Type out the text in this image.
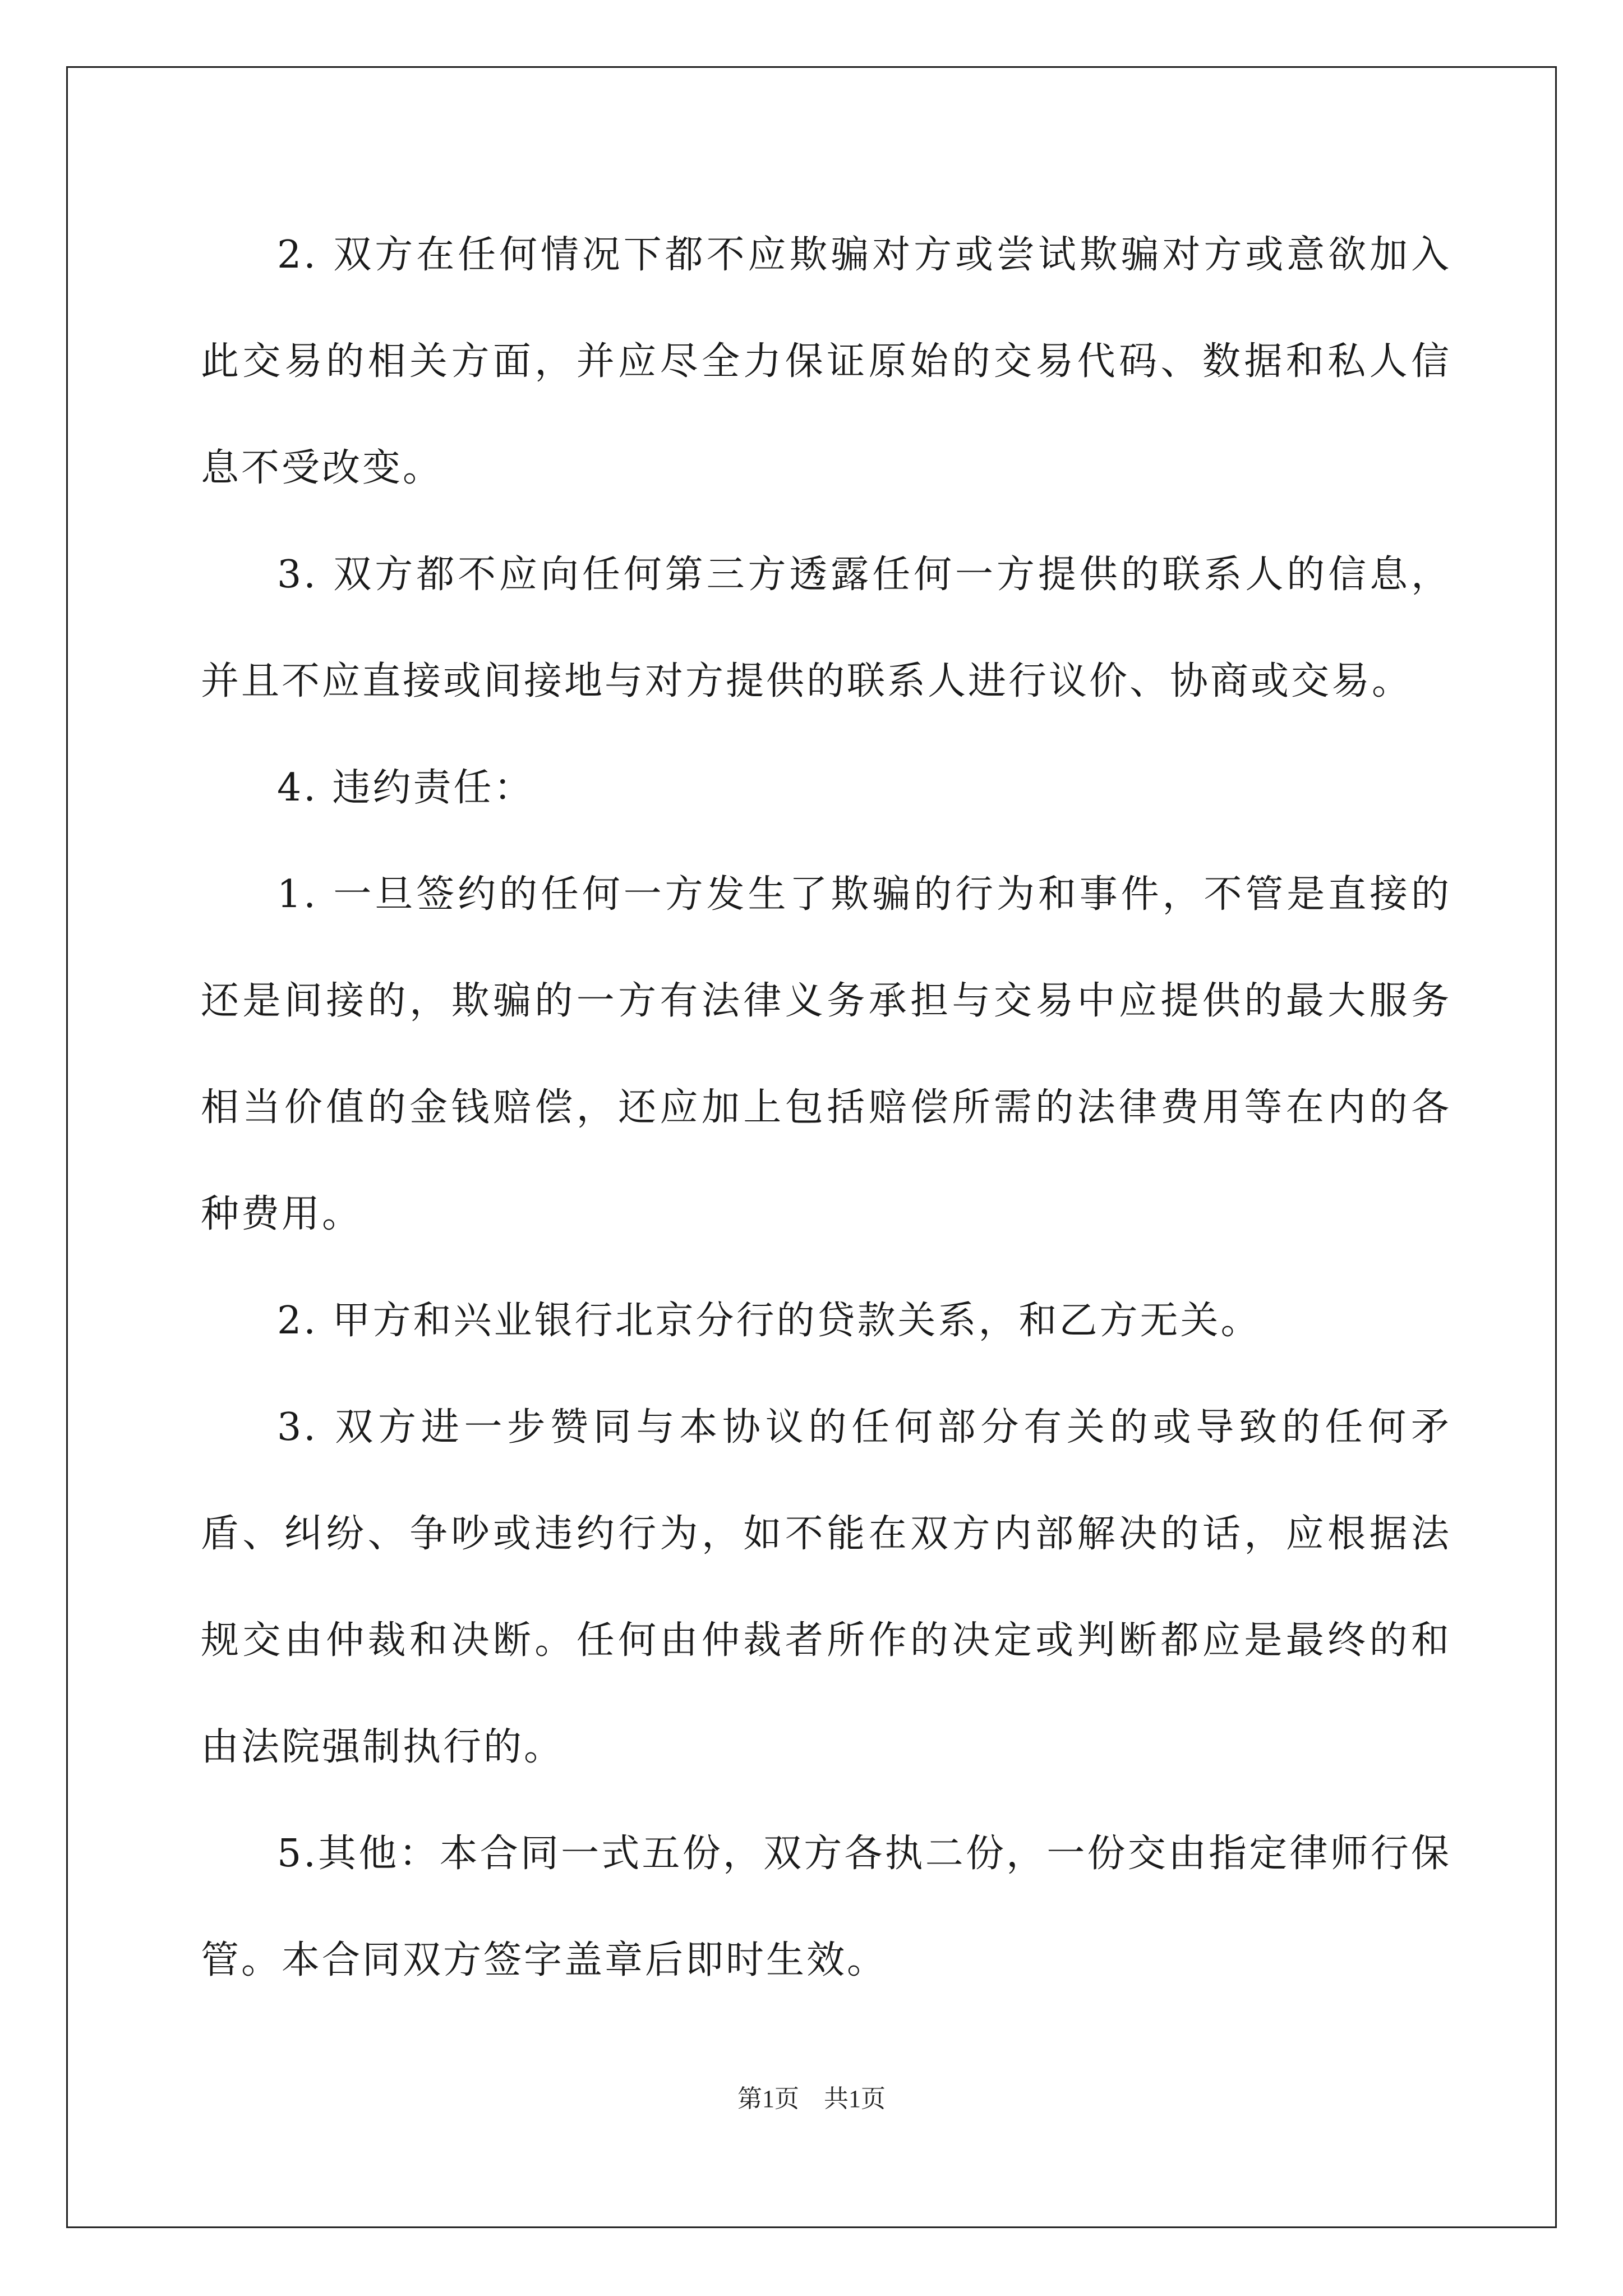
2. 双方在任何情况下都不应欺骗对方或尝试欺骗对方或意欲加入此交易的相关方面，并应尽全力保证原始的交易代码、数据和私人信息不受改变。

3. 双方都不应向任何第三方透露任何一方提供的联系人的信息，并且不应直接或间接地与对方提供的联系人进行议价、协商或交易。

4. 违约责任：

1. 一旦签约的任何一方发生了欺骗的行为和事件，不管是直接的还是间接的，欺骗的一方有法律义务承担与交易中应提供的最大服务相当价值的金钱赔偿，还应加上包括赔偿所需的法律费用等在内的各种费用。

2. 甲方和兴业银行北京分行的贷款关系，和乙方无关。

3. 双方进一步赞同与本协议的任何部分有关的或导致的任何矛盾、纠纷、争吵或违约行为，如不能在双方内部解决的话，应根据法规交由仲裁和决断。任何由仲裁者所作的决定或判断都应是最终的和由法院强制执行的。

5.其他：本合同一式五份，双方各执二份，一份交由指定律师行保管。本合同双方签字盖章后即时生效。

第1页 共1页
